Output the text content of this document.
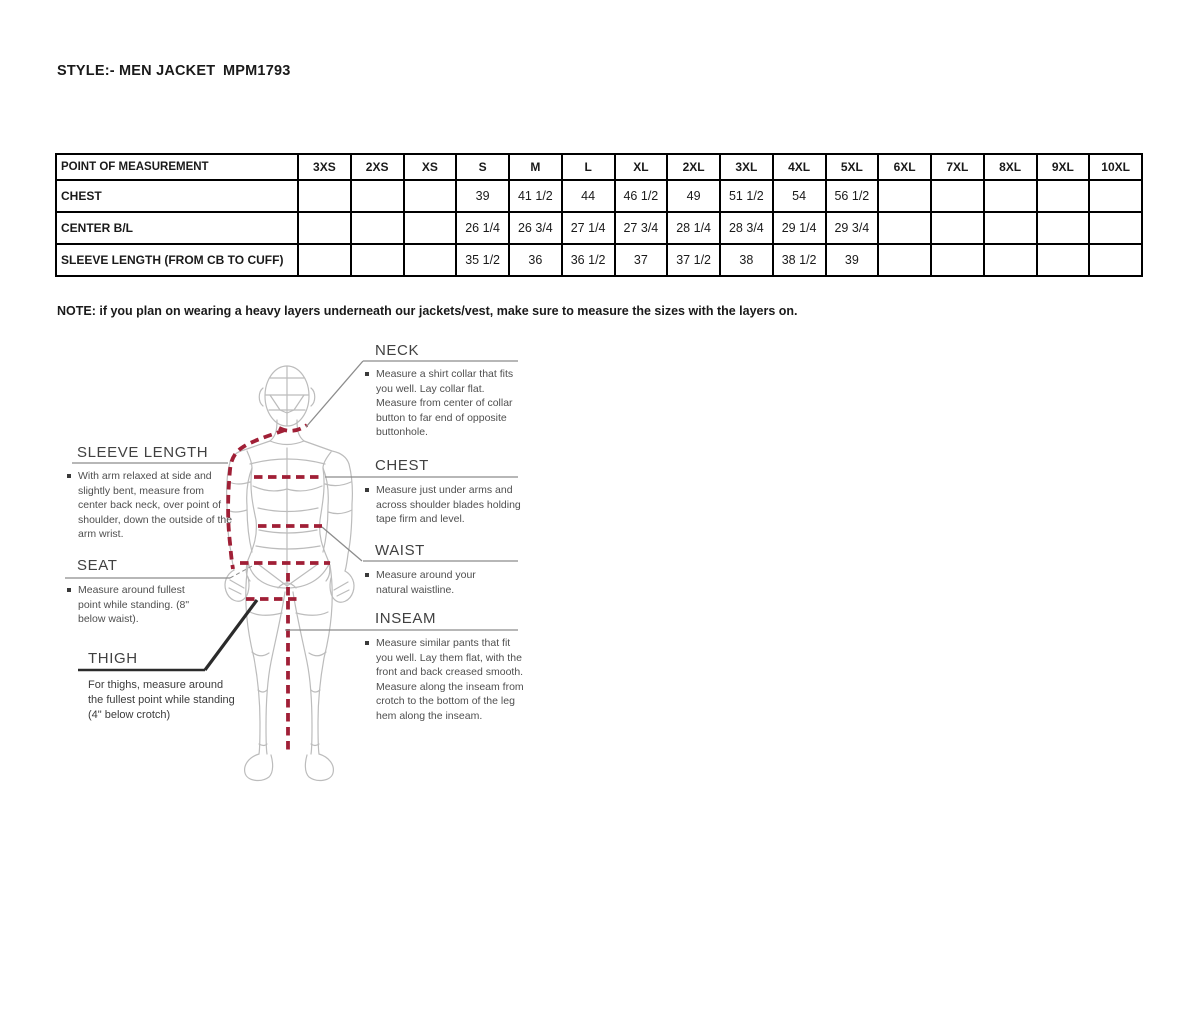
STYLE:- MEN JACKET MPM1793
POINT OF MEASUREMENT	3XS	2XS	XS	S	M	L	XL	2XL	3XL	4XL	5XL	6XL	7XL	8XL	9XL	10XL
CHEST				39	41 1/2	44	46 1/2	49	51 1/2	54	56 1/2					
CENTER B/L				26 1/4	26 3/4	27 1/4	27 3/4	28 1/4	28 3/4	29 1/4	29 3/4					
SLEEVE LENGTH (FROM CB TO CUFF)				35 1/2	36	36 1/2	37	37 1/2	38	38 1/2	39					
NOTE: if you plan on wearing a heavy layers underneath our jackets/vest, make sure to measure the sizes with the layers on.
SLEEVE LENGTH
With arm relaxed at side and slightly bent, measure from center back neck, over point of shoulder, down the outside of the arm wrist.
SEAT
Measure around fullest point while standing. (8" below waist).
THIGH
For thighs, measure around the fullest point while standing (4" below crotch)
NECK
Measure a shirt collar that fits you well. Lay collar flat. Measure from center of collar button to far end of opposite buttonhole.
CHEST
Measure just under arms and across shoulder blades holding tape firm and level.
WAIST
Measure around your natural waistline.
INSEAM
Measure similar pants that fit you well. Lay them flat, with the front and back creased smooth. Measure along the inseam from crotch to the bottom of the leg hem along the inseam.
